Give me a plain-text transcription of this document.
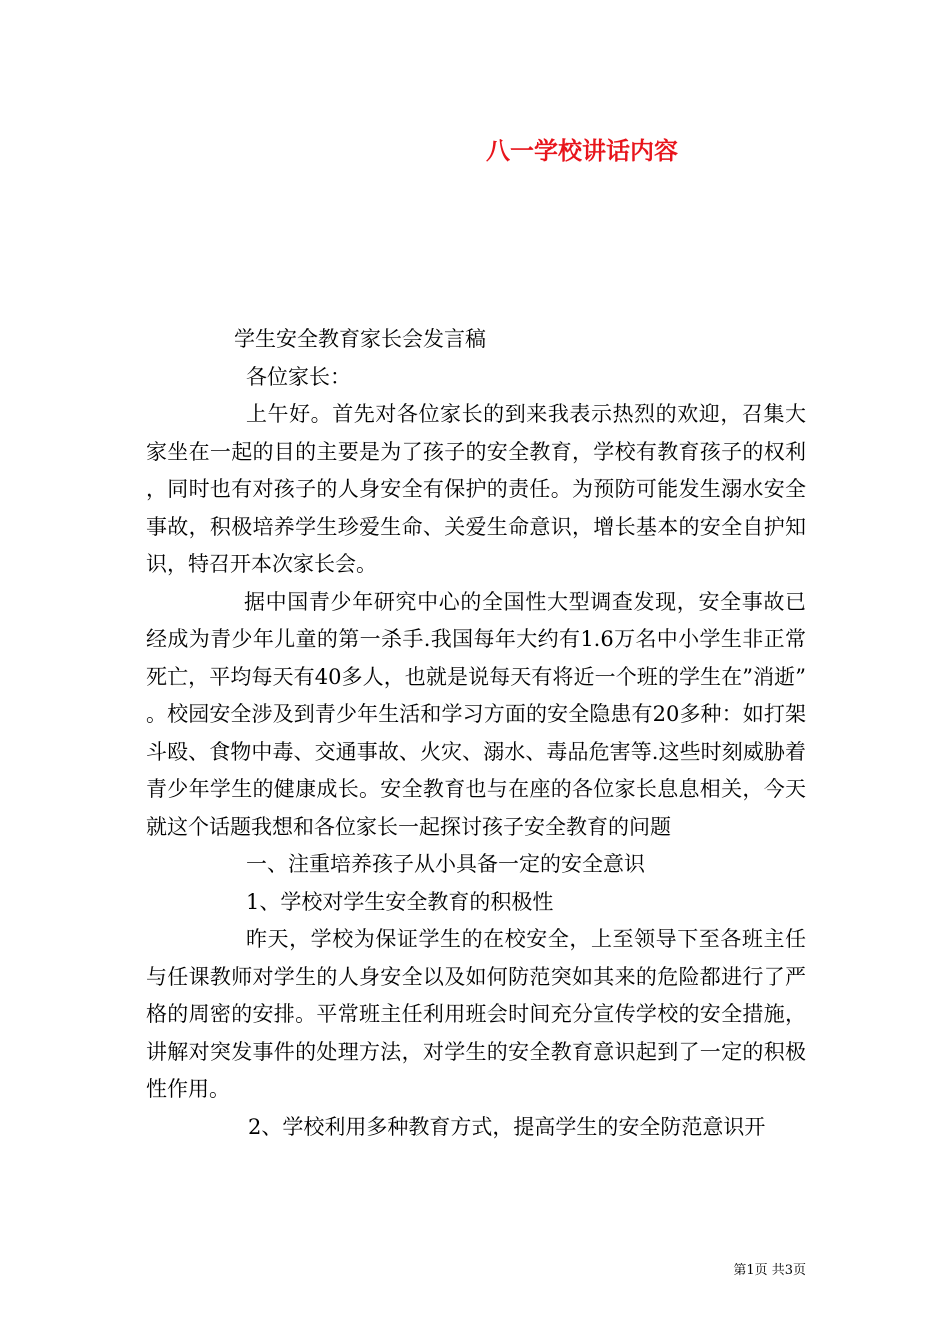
八一学校讲话内容

学生安全教育家长会发言稿

各位家长：

上午好。首先对各位家长的到来我表示热烈的欢迎，召集大家坐在一起的目的主要是为了孩子的安全教育，学校有教育孩子的权利，同时也有对孩子的人身安全有保护的责任。为预防可能发生溺水安全事故，积极培养学生珍爱生命、关爱生命意识，增长基本的安全自护知识，特召开本次家长会。

据中国青少年研究中心的全国性大型调查发现，安全事故已经成为青少年儿童的第一杀手.我国每年大约有1.6万名中小学生非正常死亡，平均每天有40多人，也就是说每天有将近一个班的学生在”消逝”。校园安全涉及到青少年生活和学习方面的安全隐患有20多种：如打架斗殴、食物中毒、交通事故、火灾、溺水、毒品危害等.这些时刻威胁着青少年学生的健康成长。安全教育也与在座的各位家长息息相关，今天就这个话题我想和各位家长一起探讨孩子安全教育的问题

一、注重培养孩子从小具备一定的安全意识

1、学校对学生安全教育的积极性

昨天，学校为保证学生的在校安全，上至领导下至各班主任与任课教师对学生的人身安全以及如何防范突如其来的危险都进行了严格的周密的安排。平常班主任利用班会时间充分宣传学校的安全措施，讲解对突发事件的处理方法，对学生的安全教育意识起到了一定的积极性作用。

2、学校利用多种教育方式，提高学生的安全防范意识开

第1页 共3页
